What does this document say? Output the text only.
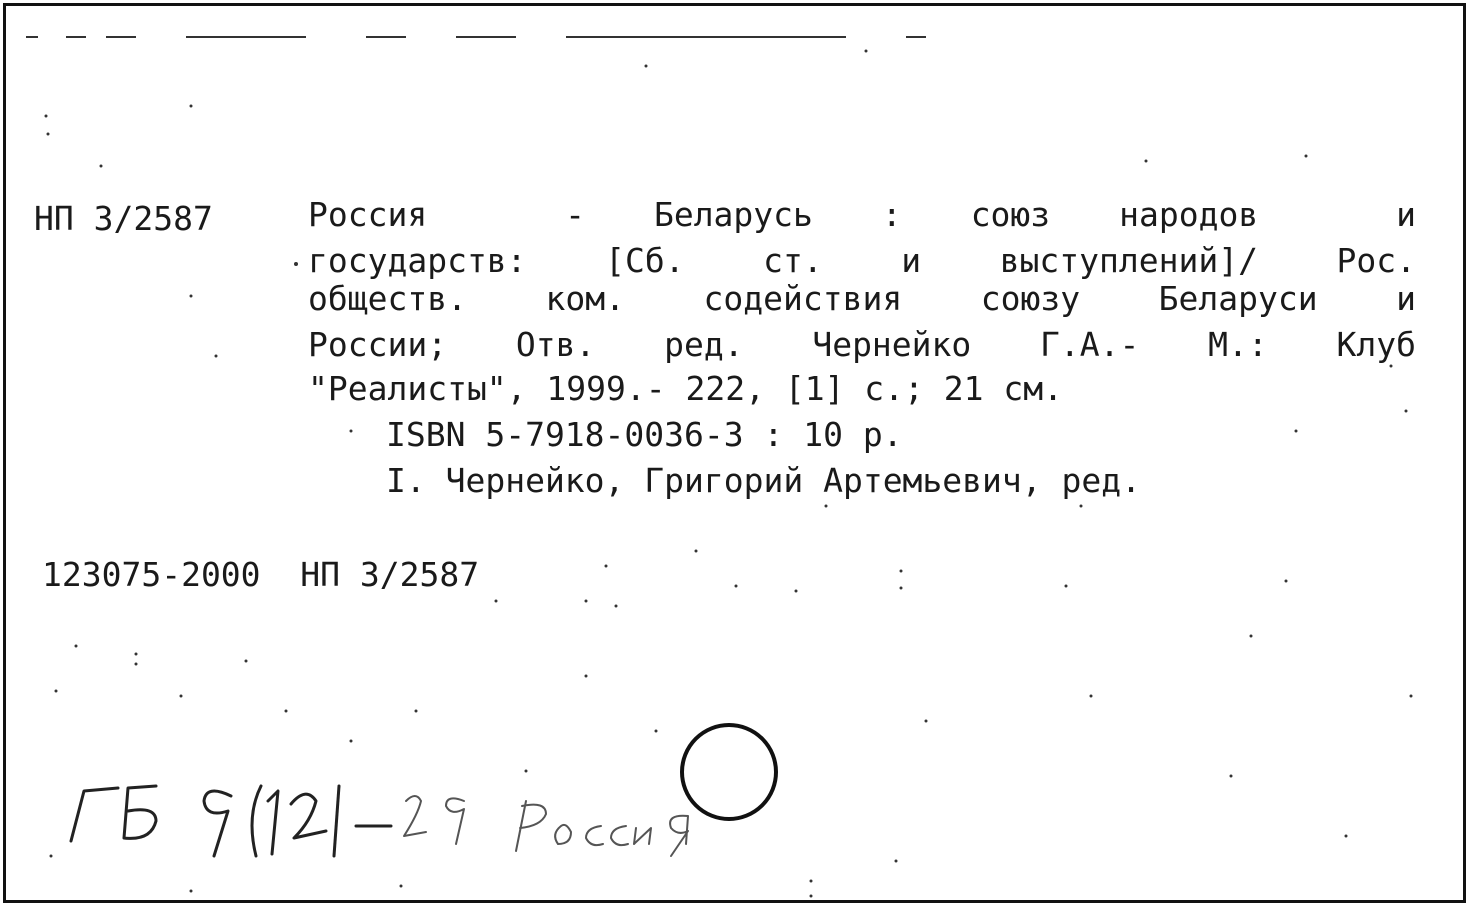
НП 3/2587	Россия  - Беларусь : союз народов  и
государств: [Сб. ст. и выступлений]/ Рос.
обществ. ком. содействия союзу Беларуси и
России; Отв. ред. Чернейко Г.А.- М.: Клуб
"Реалисты", 1999.- 222, [1] с.; 21 см.
ISBN 5-7918-0036-3 : 10 р.
I. Чернейко, Григорий Артемьевич, ред.
123075-2000  НП 3/2587
